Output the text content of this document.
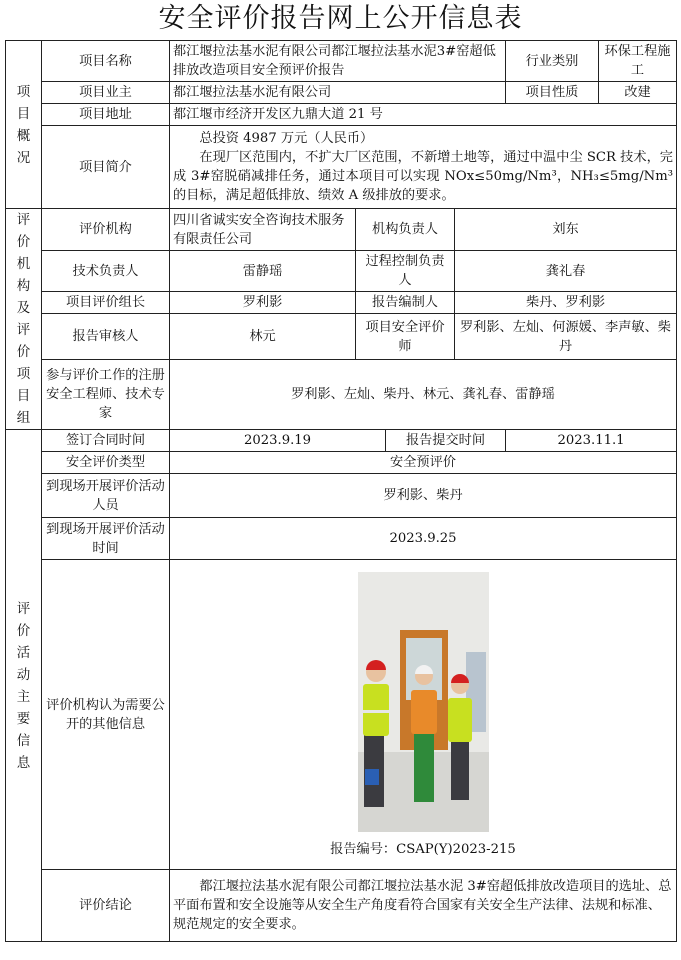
安全评价报告网上公开信息表
项目概况	项目名称	都江堰拉法基水泥有限公司都江堰拉法基水泥3#窑超低排放改造项目安全预评价报告				行业类别	环保工程施工
	项目业主	都江堰拉法基水泥有限公司				项目性质	改建
	项目地址	都江堰市经济开发区九鼎大道 21 号					
	项目简介	总投资 4987 万元（人民币）
在现厂区范围内，不扩大厂区范围，不新增土地等，通过中温中尘 SCR 技术，完成 3#窑脱硝减排任务，通过本项目可以实现 NOx≤50mg/Nm³，NH₃≤5mg/Nm³的目标，满足超低排放、绩效 A 级排放的要求。					

评价机构及评价项目组	评价机构	四川省诚实安全咨询技术服务有限责任公司	机构负责人		刘东		
	技术负责人	雷静瑶	过程控制负责人		龚礼春		
	项目评价组长	罗利影	报告编制人		柴丹、罗利影		
	报告审核人	林元	项目安全评价师		罗利影、左灿、何源媛、李声敏、柴丹		
	参与评价工作的注册安全工程师、技术专家	罗利影、左灿、柴丹、林元、龚礼春、雷静瑶					
评价活动主要信息	签订合同时间	2023.9.19		报告提交时间		2023.11.1	
	安全评价类型	安全预评价					
	到现场开展评价活动人员	罗利影、柴丹					
	到现场开展评价活动时间	2023.9.25					
	评价机构认为需要公开的其他信息	报告编号：CSAP(Y)2023-215					

	评价结论	都江堰拉法基水泥有限公司都江堰拉法基水泥 3#窑超低排放改造项目的选址、总平面布置和安全设施等从安全生产角度看符合国家有关安全生产法律、法规和标准、规范规定的安全要求。					
